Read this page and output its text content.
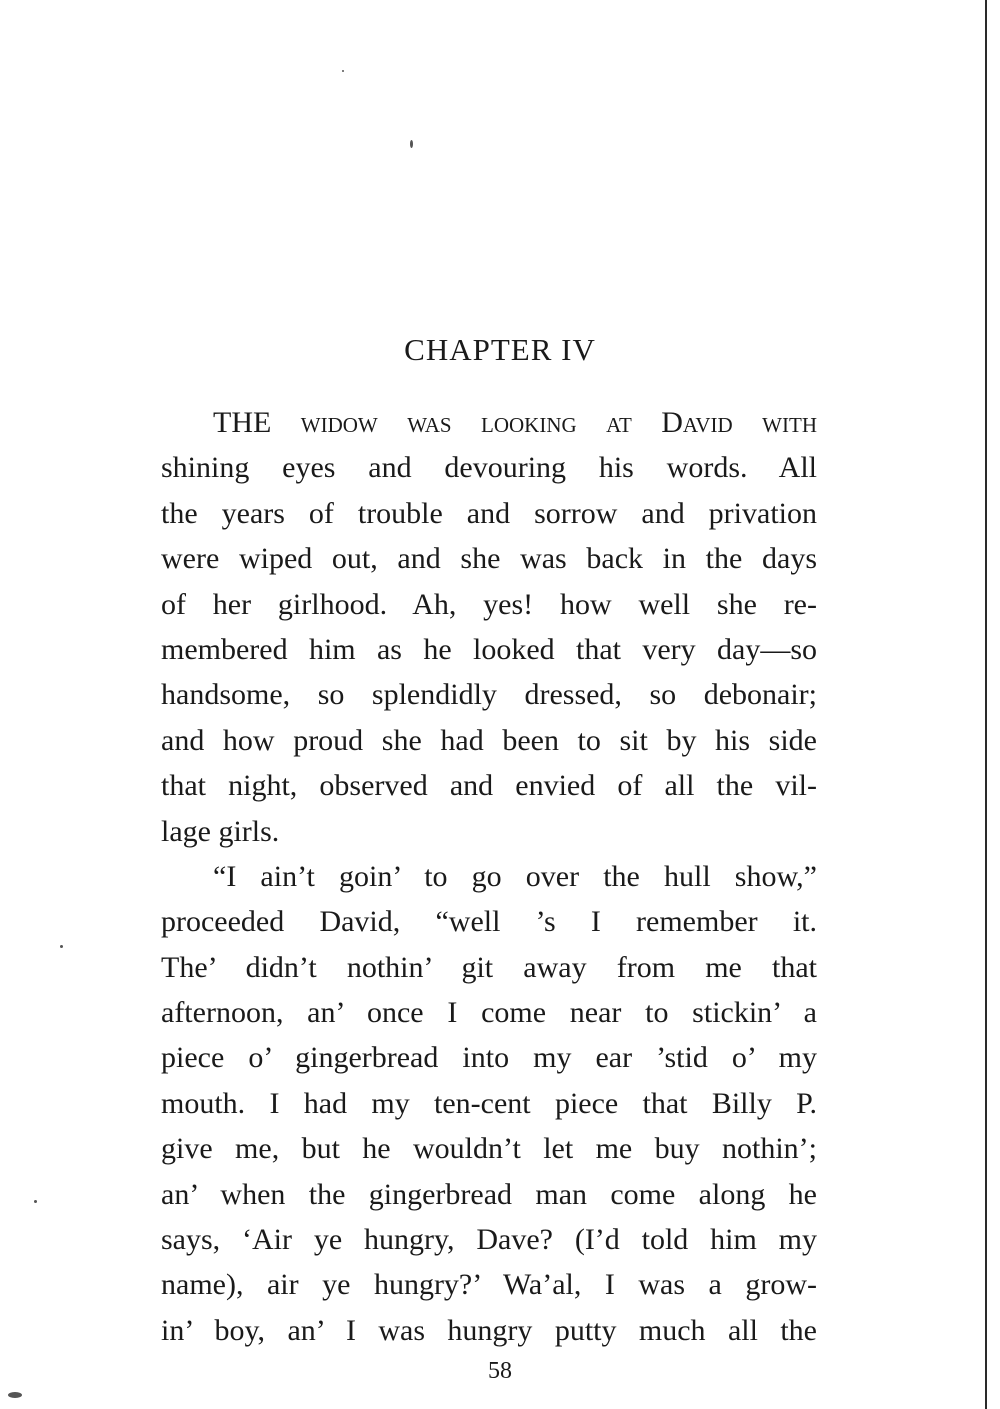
CHAPTER IV
THE widow was looking at David with
shining eyes and devouring his words. All
the years of trouble and sorrow and privation
were wiped out, and she was back in the days
of her girlhood. Ah, yes! how well she re-
membered him as he looked that very day—so
handsome, so splendidly dressed, so debonair;
and how proud she had been to sit by his side
that night, observed and envied of all the vil-
lage girls.
“I ain’t goin’ to go over the hull show,”
proceeded David, “well ’s I remember it.
The’ didn’t nothin’ git away from me that
afternoon, an’ once I come near to stickin’ a
piece o’ gingerbread into my ear ’stid o’ my
mouth. I had my ten-cent piece that Billy P.
give me, but he wouldn’t let me buy nothin’;
an’ when the gingerbread man come along he
says, ‘Air ye hungry, Dave? (I’d told him my
name), air ye hungry?’ Wa’al, I was a grow-
in’ boy, an’ I was hungry putty much all the
58
